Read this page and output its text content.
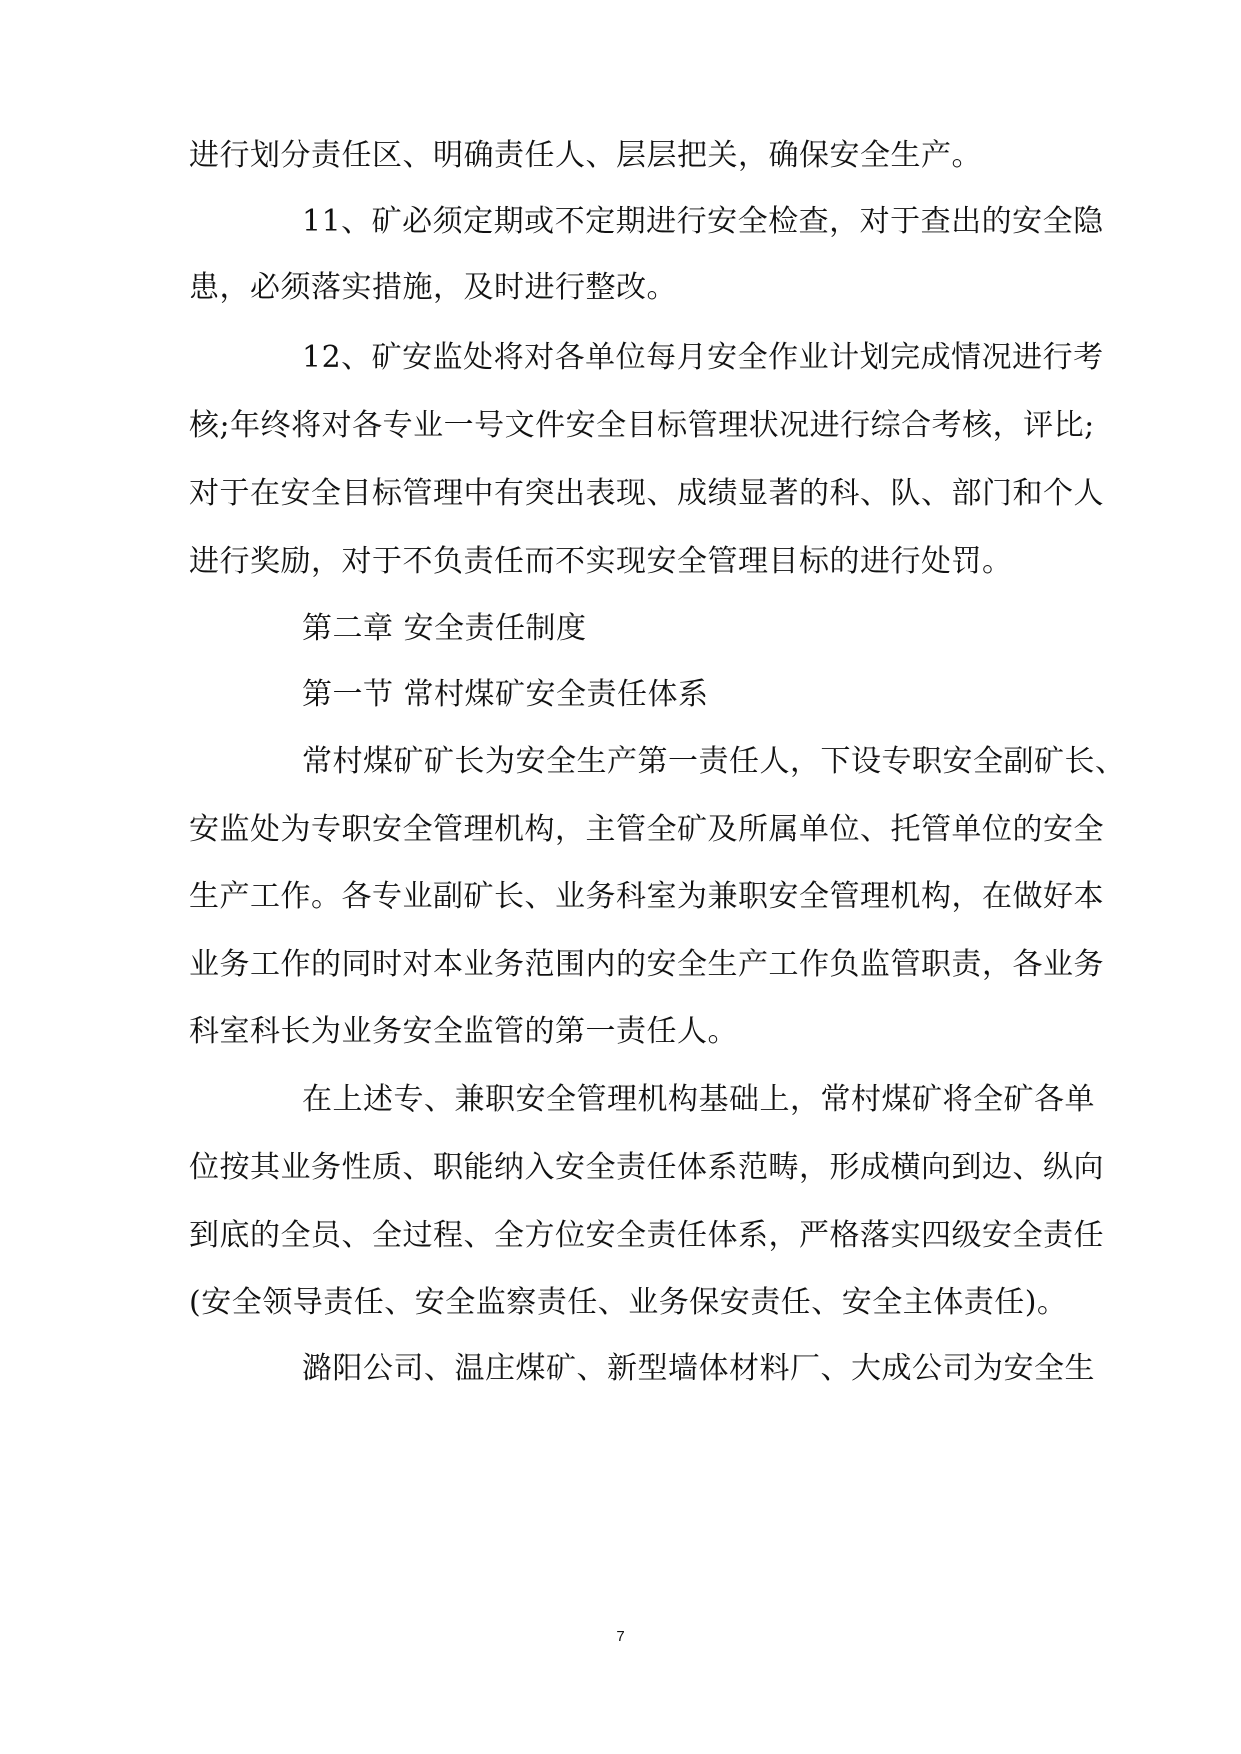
进行划分责任区、明确责任人、层层把关，确保安全生产。
11、矿必须定期或不定期进行安全检查，对于查出的安全隐
患，必须落实措施，及时进行整改。
12、矿安监处将对各单位每月安全作业计划完成情况进行考
核;年终将对各专业一号文件安全目标管理状况进行综合考核，评比;
对于在安全目标管理中有突出表现、成绩显著的科、队、部门和个人
进行奖励，对于不负责任而不实现安全管理目标的进行处罚。
第二章 安全责任制度
第一节 常村煤矿安全责任体系
常村煤矿矿长为安全生产第一责任人，下设专职安全副矿长、
安监处为专职安全管理机构，主管全矿及所属单位、托管单位的安全
生产工作。各专业副矿长、业务科室为兼职安全管理机构，在做好本
业务工作的同时对本业务范围内的安全生产工作负监管职责，各业务
科室科长为业务安全监管的第一责任人。
在上述专、兼职安全管理机构基础上，常村煤矿将全矿各单
位按其业务性质、职能纳入安全责任体系范畴，形成横向到边、纵向
到底的全员、全过程、全方位安全责任体系，严格落实四级安全责任
(安全领导责任、安全监察责任、业务保安责任、安全主体责任)。
潞阳公司、温庄煤矿、新型墙体材料厂、大成公司为安全生
7
